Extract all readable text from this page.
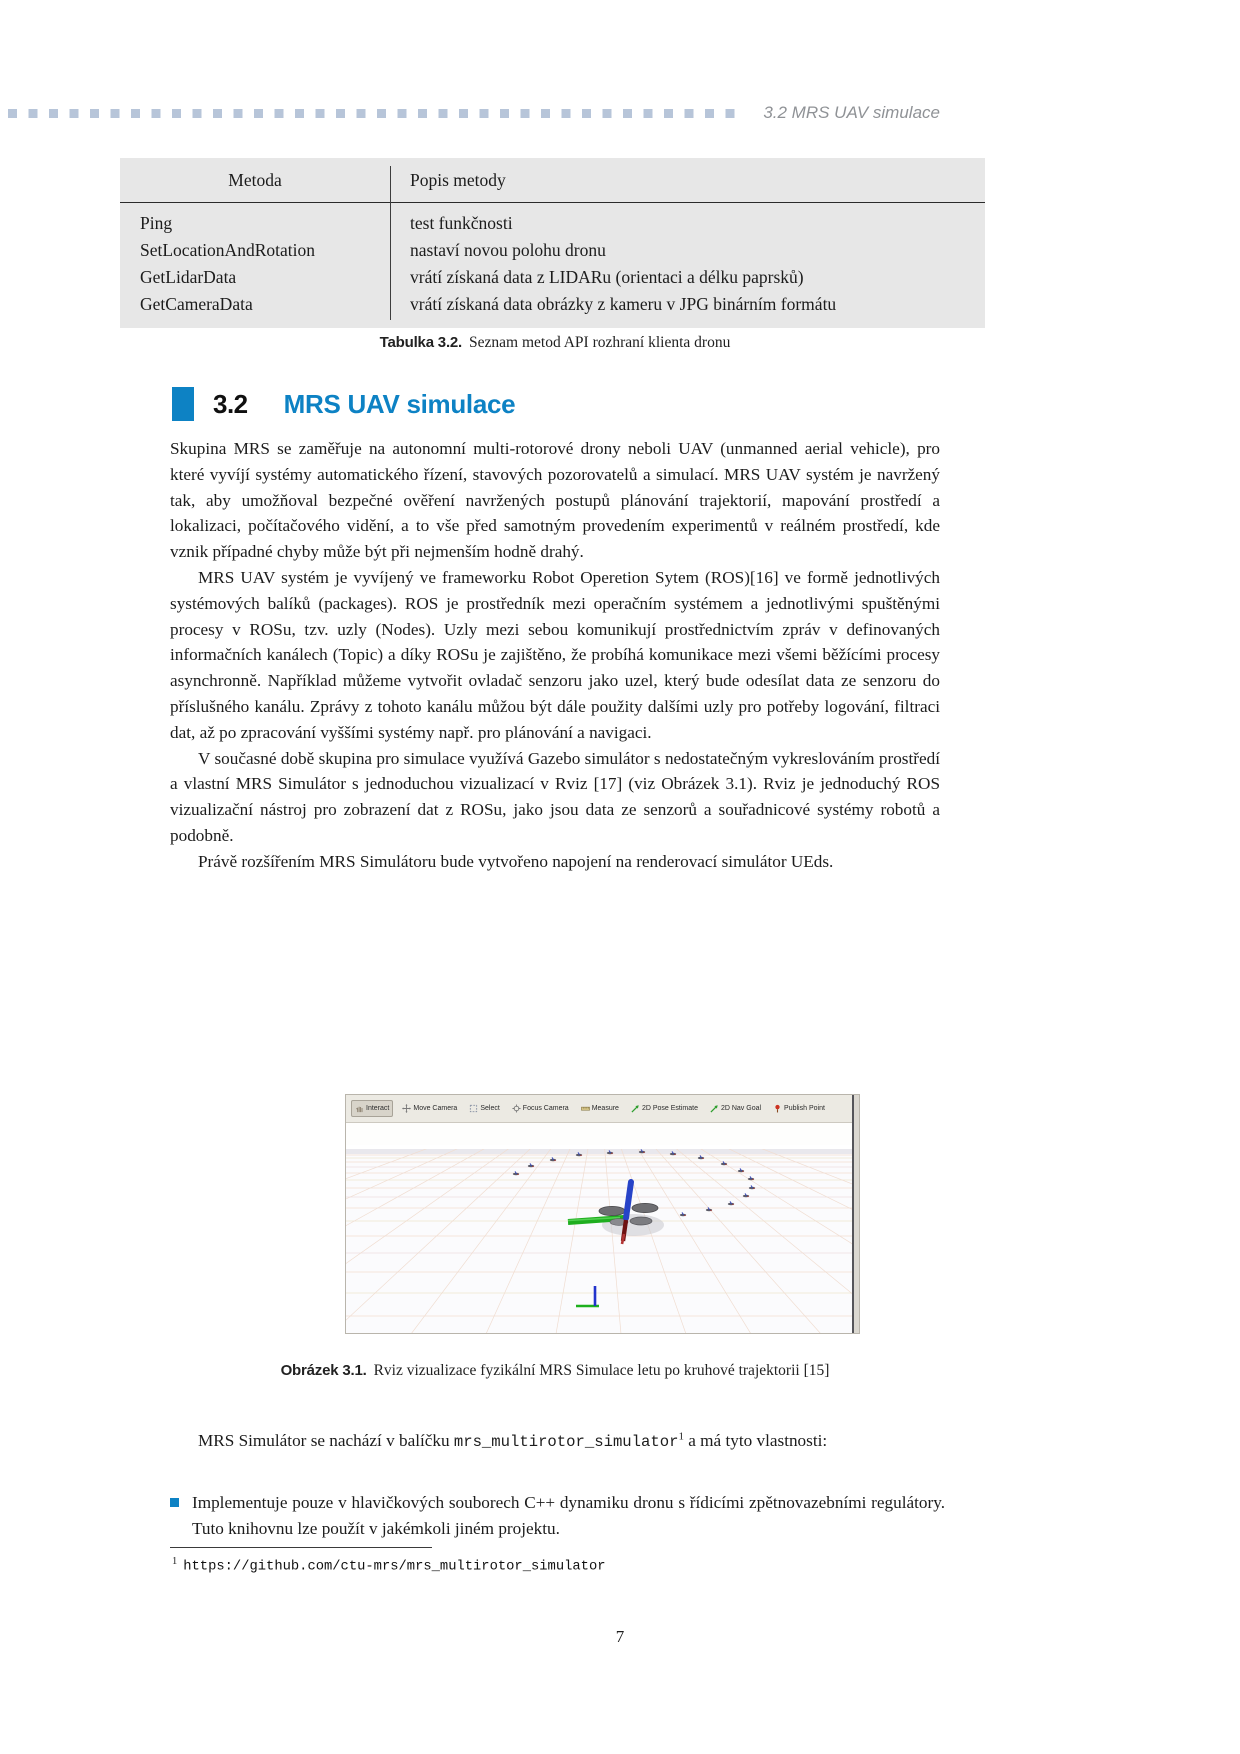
3.2 MRS UAV simulace
Metoda	Popis metody
Ping	test funkčnosti
SetLocationAndRotation	nastaví novou polohu dronu
GetLidarData	vrátí získaná data z LIDARu (orientaci a délku paprsků)
GetCameraData	vrátí získaná data obrázky z kameru v JPG binárním formátu
Tabulka 3.2. Seznam metod API rozhraní klienta dronu
3.2 MRS UAV simulace

Skupina MRS se zaměřuje na autonomní multi-rotorové drony neboli UAV (unmanned aerial vehicle), pro které vyvíjí systémy automatického řízení, stavových pozorovatelů a simulací. MRS UAV systém je navržený tak, aby umožňoval bezpečné ověření navržených postupů plánování trajektorií, mapování prostředí a lokalizaci, počítačového vidění, a to vše před samotným provedením experimentů v reálném prostředí, kde vznik případné chyby může být při nejmenším hodně drahý.

MRS UAV systém je vyvíjený ve frameworku Robot Operetion Sytem (ROS)[16] ve formě jednotlivých systémových balíků (packages). ROS je prostředník mezi operačním systémem a jednotlivými spuštěnými procesy v ROSu, tzv. uzly (Nodes). Uzly mezi sebou komunikují prostřednictvím zpráv v definovaných informačních kanálech (Topic) a díky ROSu je zajištěno, že probíhá komunikace mezi všemi běžícími procesy asynchronně. Například můžeme vytvořit ovladač senzoru jako uzel, který bude odesílat data ze senzoru do příslušného kanálu. Zprávy z tohoto kanálu můžou být dále použity dalšími uzly pro potřeby logování, filtraci dat, až po zpracování vyššími systémy např. pro plánování a navigaci.

V současné době skupina pro simulace využívá Gazebo simulátor s nedostatečným vykreslováním prostředí a vlastní MRS Simulátor s jednoduchou vizualizací v Rviz [17] (viz Obrázek 3.1). Rviz je jednoduchý ROS vizualizační nástroj pro zobrazení dat z ROSu, jako jsou data ze senzorů a souřadnicové systémy robotů a podobně.

Právě rozšířením MRS Simulátoru bude vytvořeno napojení na renderovací simulátor UEds.

Interact	Move Camera	Select	Focus Camera	Measure	2D Pose Estimate	2D Nav Goal	Publish Point
Obrázek 3.1. Rviz vizualizace fyzikální MRS Simulace letu po kruhové trajektorii [15]
MRS Simulátor se nachází v balíčku mrs_multirotor_simulator$^1$ a má tyto vlastnosti:
Implementuje pouze v hlavičkových souborech C++ dynamiku dronu s řídicími zpětnovazebními regulátory. Tuto knihovnu lze použít v jakémkoli jiném projektu.
$^1$ https://github.com/ctu-mrs/mrs_multirotor_simulator
7
